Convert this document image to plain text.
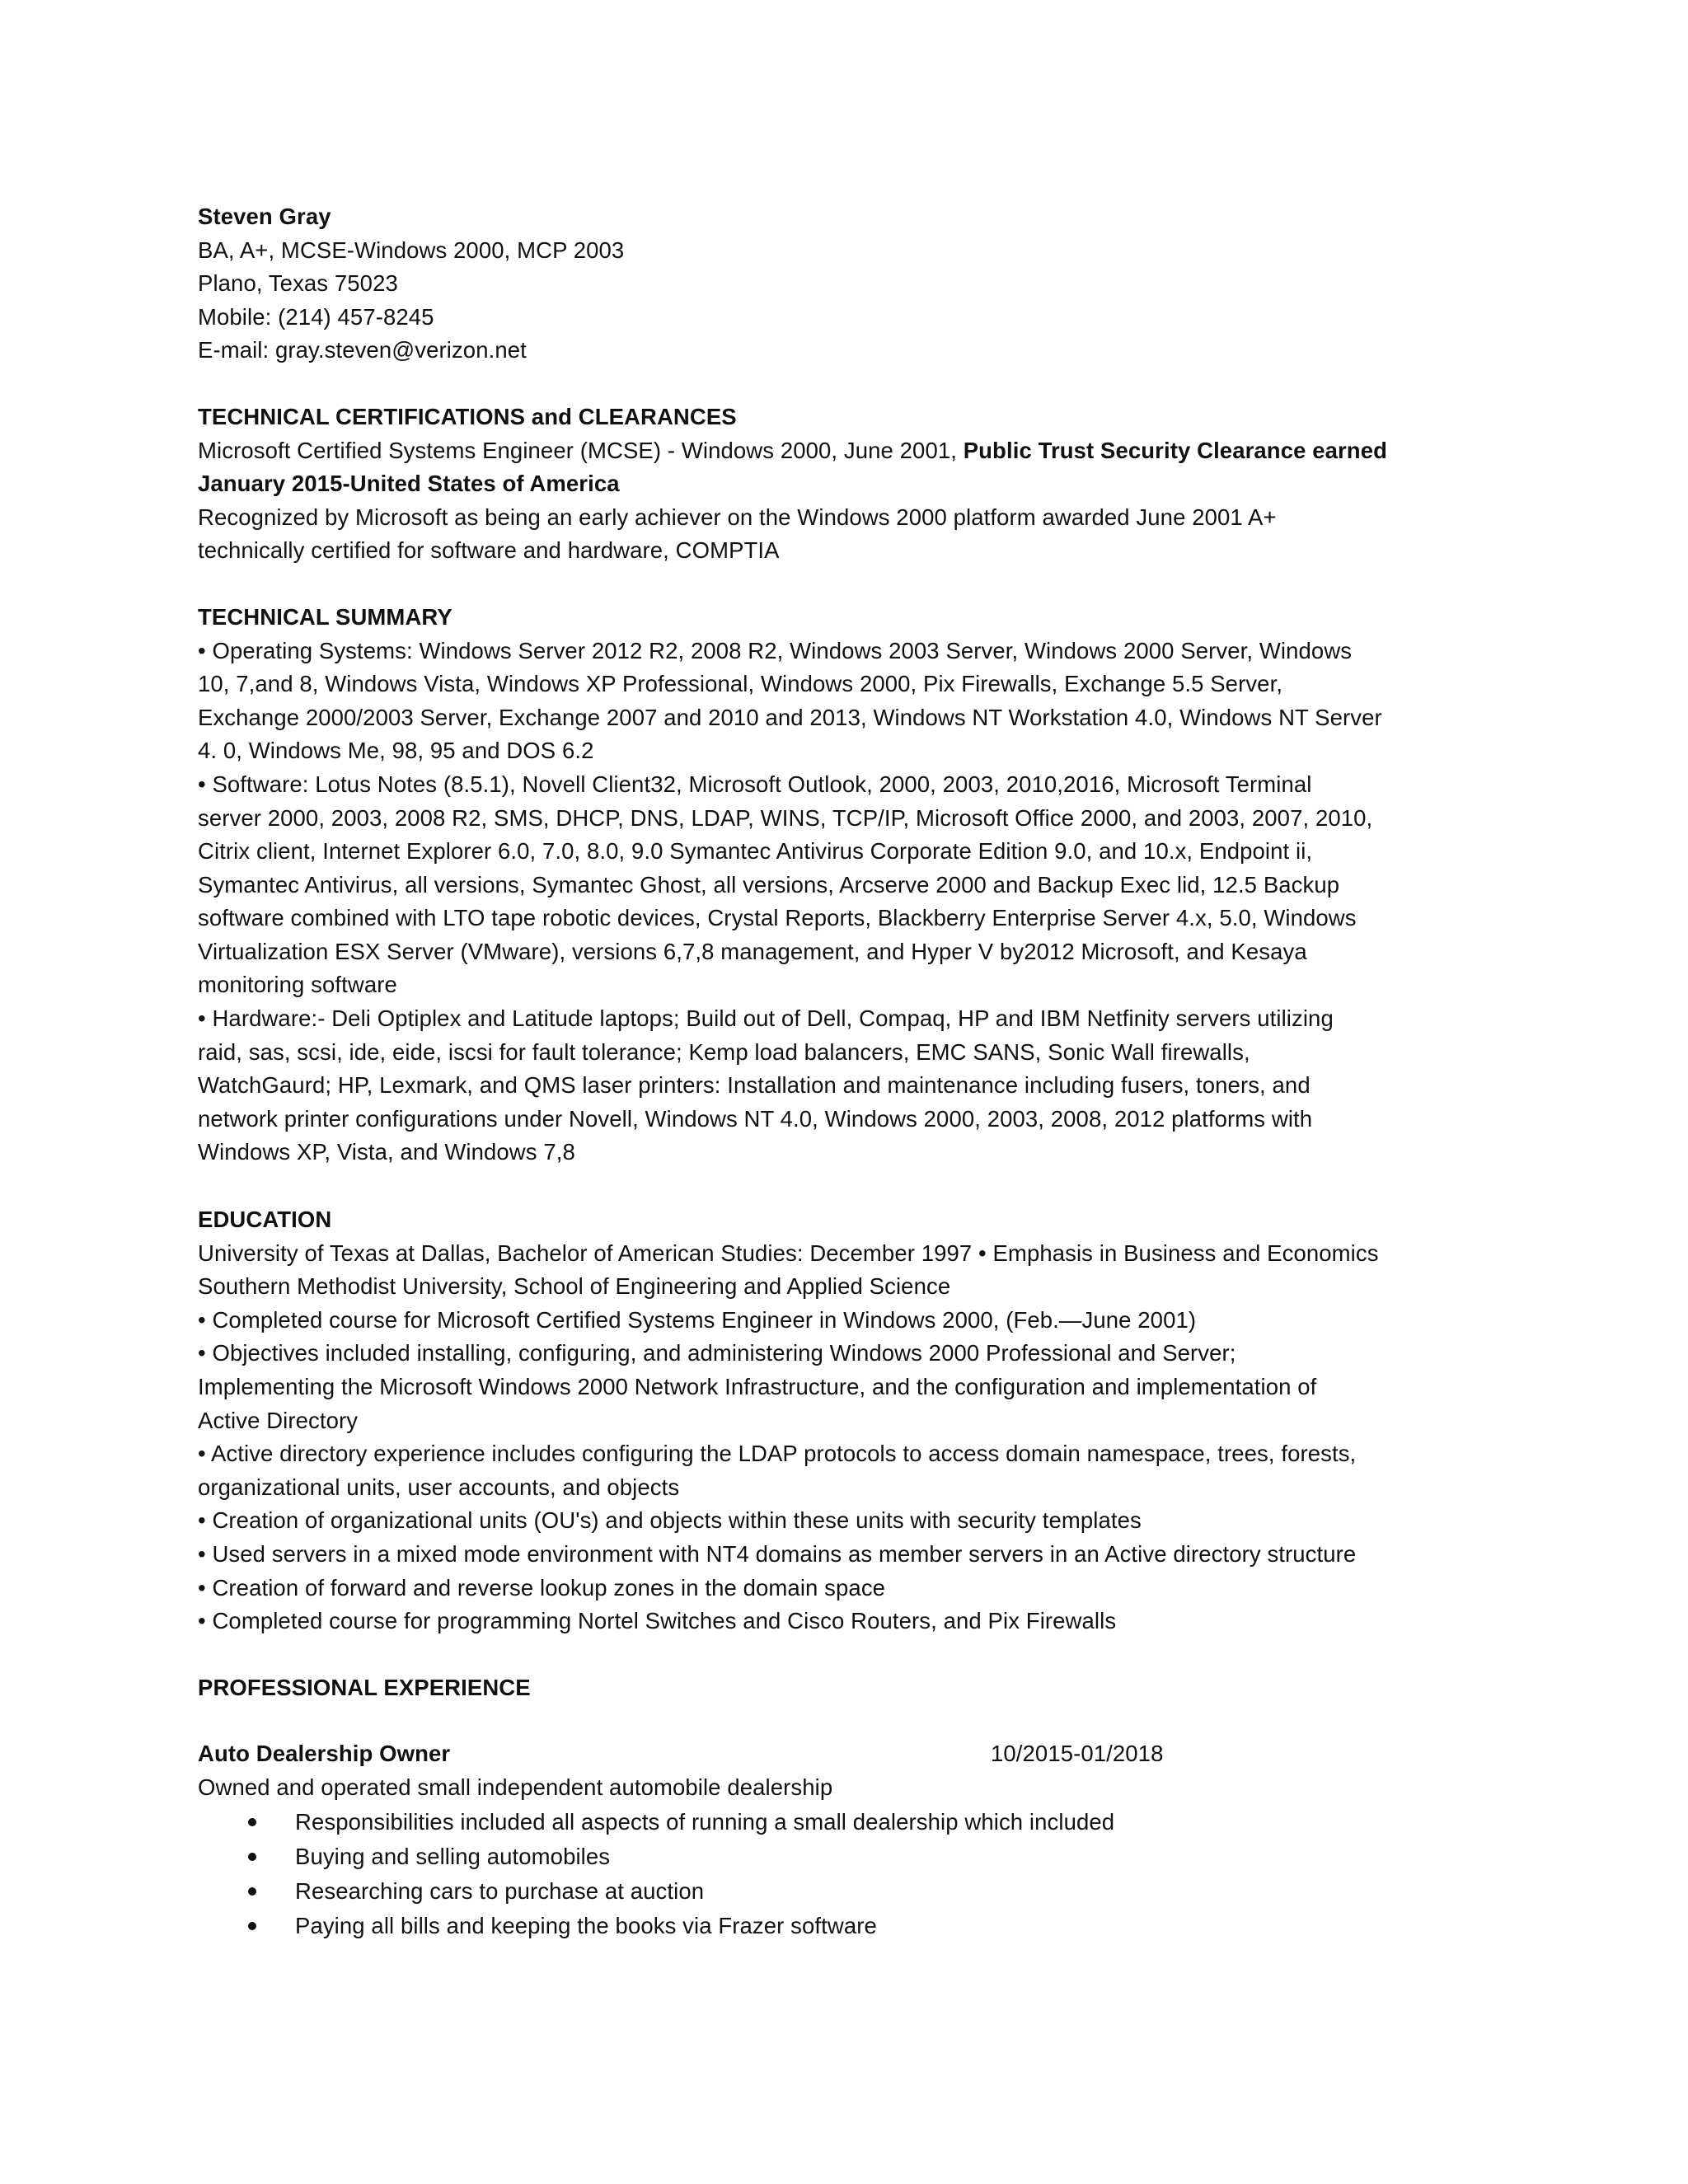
Steven Gray
BA, A+, MCSE-Windows 2000, MCP 2003
Plano, Texas 75023
Mobile: (214) 457-8245
E-mail: gray.steven@verizon.net
TECHNICAL CERTIFICATIONS and CLEARANCES
Microsoft Certified Systems Engineer (MCSE) - Windows 2000, June 2001, Public Trust Security Clearance earned
January 2015-United States of America
Recognized by Microsoft as being an early achiever on the Windows 2000 platform awarded June 2001 A+
technically certified for software and hardware, COMPTIA
TECHNICAL SUMMARY
• Operating Systems: Windows Server 2012 R2, 2008 R2, Windows 2003 Server, Windows 2000 Server, Windows
10, 7,and 8, Windows Vista, Windows XP Professional, Windows 2000, Pix Firewalls, Exchange 5.5 Server,
Exchange 2000/2003 Server, Exchange 2007 and 2010 and 2013, Windows NT Workstation 4.0, Windows NT Server
4. 0, Windows Me, 98, 95 and DOS 6.2
• Software: Lotus Notes (8.5.1), Novell Client32, Microsoft Outlook, 2000, 2003, 2010,2016, Microsoft Terminal
server 2000, 2003, 2008 R2, SMS, DHCP, DNS, LDAP, WINS, TCP/IP, Microsoft Office 2000, and 2003, 2007, 2010,
Citrix client, Internet Explorer 6.0, 7.0, 8.0, 9.0 Symantec Antivirus Corporate Edition 9.0, and 10.x, Endpoint ii,
Symantec Antivirus, all versions, Symantec Ghost, all versions, Arcserve 2000 and Backup Exec lid, 12.5 Backup
software combined with LTO tape robotic devices, Crystal Reports, Blackberry Enterprise Server 4.x, 5.0, Windows
Virtualization ESX Server (VMware), versions 6,7,8 management, and Hyper V by2012 Microsoft, and Kesaya
monitoring software
• Hardware:- Deli Optiplex and Latitude laptops; Build out of Dell, Compaq, HP and IBM Netfinity servers utilizing
raid, sas, scsi, ide, eide, iscsi for fault tolerance; Kemp load balancers, EMC SANS, Sonic Wall firewalls,
WatchGaurd; HP, Lexmark, and QMS laser printers: Installation and maintenance including fusers, toners, and
network printer configurations under Novell, Windows NT 4.0, Windows 2000, 2003, 2008, 2012 platforms with
Windows XP, Vista, and Windows 7,8
EDUCATION
University of Texas at Dallas, Bachelor of American Studies: December 1997 • Emphasis in Business and Economics
Southern Methodist University, School of Engineering and Applied Science
• Completed course for Microsoft Certified Systems Engineer in Windows 2000, (Feb.—June 2001)
• Objectives included installing, configuring, and administering Windows 2000 Professional and Server;
Implementing the Microsoft Windows 2000 Network Infrastructure, and the configuration and implementation of
Active Directory
• Active directory experience includes configuring the LDAP protocols to access domain namespace, trees, forests,
organizational units, user accounts, and objects
• Creation of organizational units (OU's) and objects within these units with security templates
• Used servers in a mixed mode environment with NT4 domains as member servers in an Active directory structure
• Creation of forward and reverse lookup zones in the domain space
• Completed course for programming Nortel Switches and Cisco Routers, and Pix Firewalls
PROFESSIONAL EXPERIENCE
Auto Dealership Owner	10/2015-01/2018
Owned and operated small independent automobile dealership
Responsibilities included all aspects of running a small dealership which included
Buying and selling automobiles
Researching cars to purchase at auction
Paying all bills and keeping the books via Frazer software
